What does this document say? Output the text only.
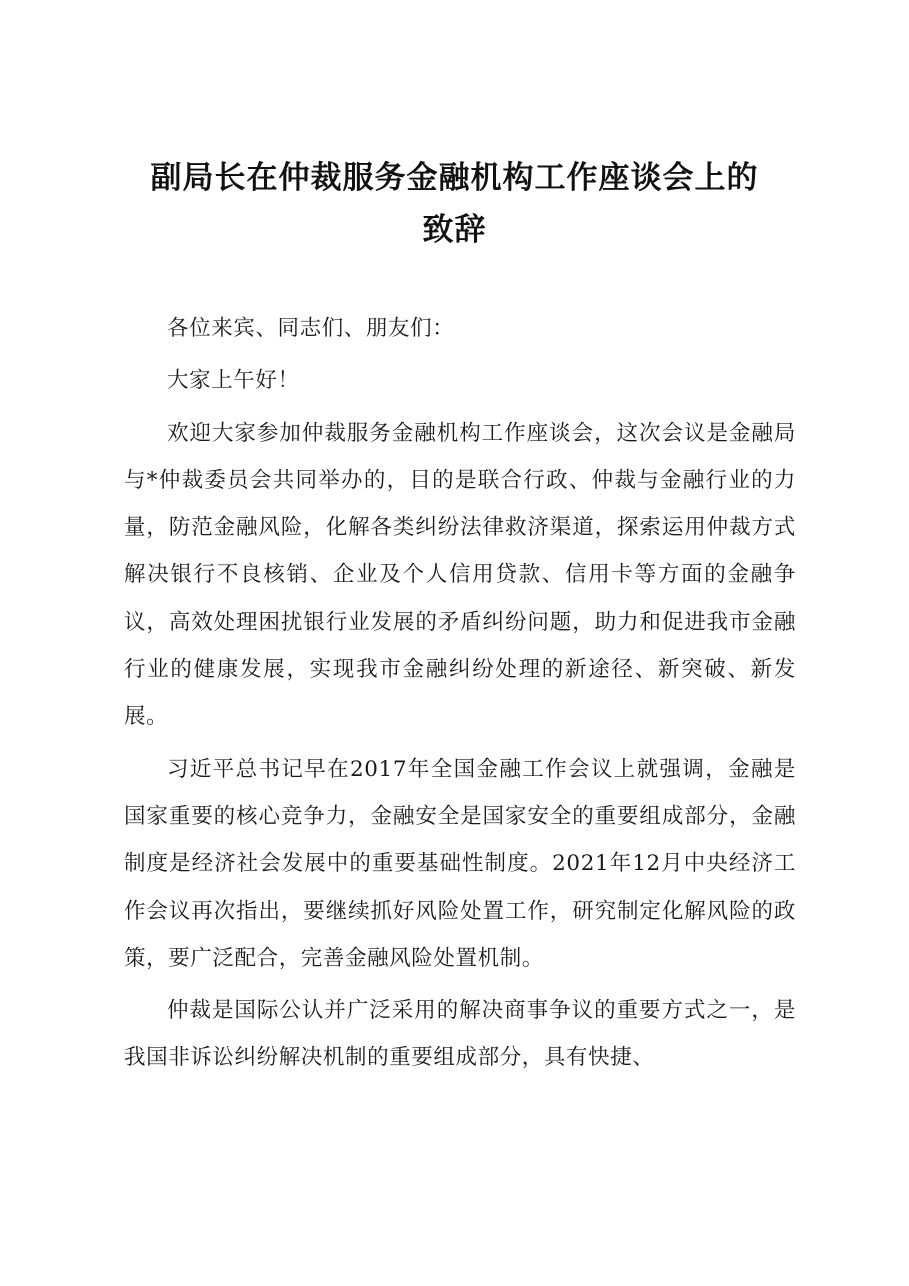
副局长在仲裁服务金融机构工作座谈会上的
致辞

各位来宾、同志们、朋友们：

大家上午好！

欢迎大家参加仲裁服务金融机构工作座谈会，这次会议是金融局与*仲裁委员会共同举办的，目的是联合行政、仲裁与金融行业的力量，防范金融风险，化解各类纠纷法律救济渠道，探索运用仲裁方式解决银行不良核销、企业及个人信用贷款、信用卡等方面的金融争议，高效处理困扰银行业发展的矛盾纠纷问题，助力和促进我市金融行业的健康发展，实现我市金融纠纷处理的新途径、新突破、新发展。

习近平总书记早在2017年全国金融工作会议上就强调，金融是国家重要的核心竞争力，金融安全是国家安全的重要组成部分，金融制度是经济社会发展中的重要基础性制度。2021年12月中央经济工作会议再次指出，要继续抓好风险处置工作，研究制定化解风险的政策，要广泛配合，完善金融风险处置机制。

仲裁是国际公认并广泛采用的解决商事争议的重要方式之一，是我国非诉讼纠纷解决机制的重要组成部分，具有快捷、
